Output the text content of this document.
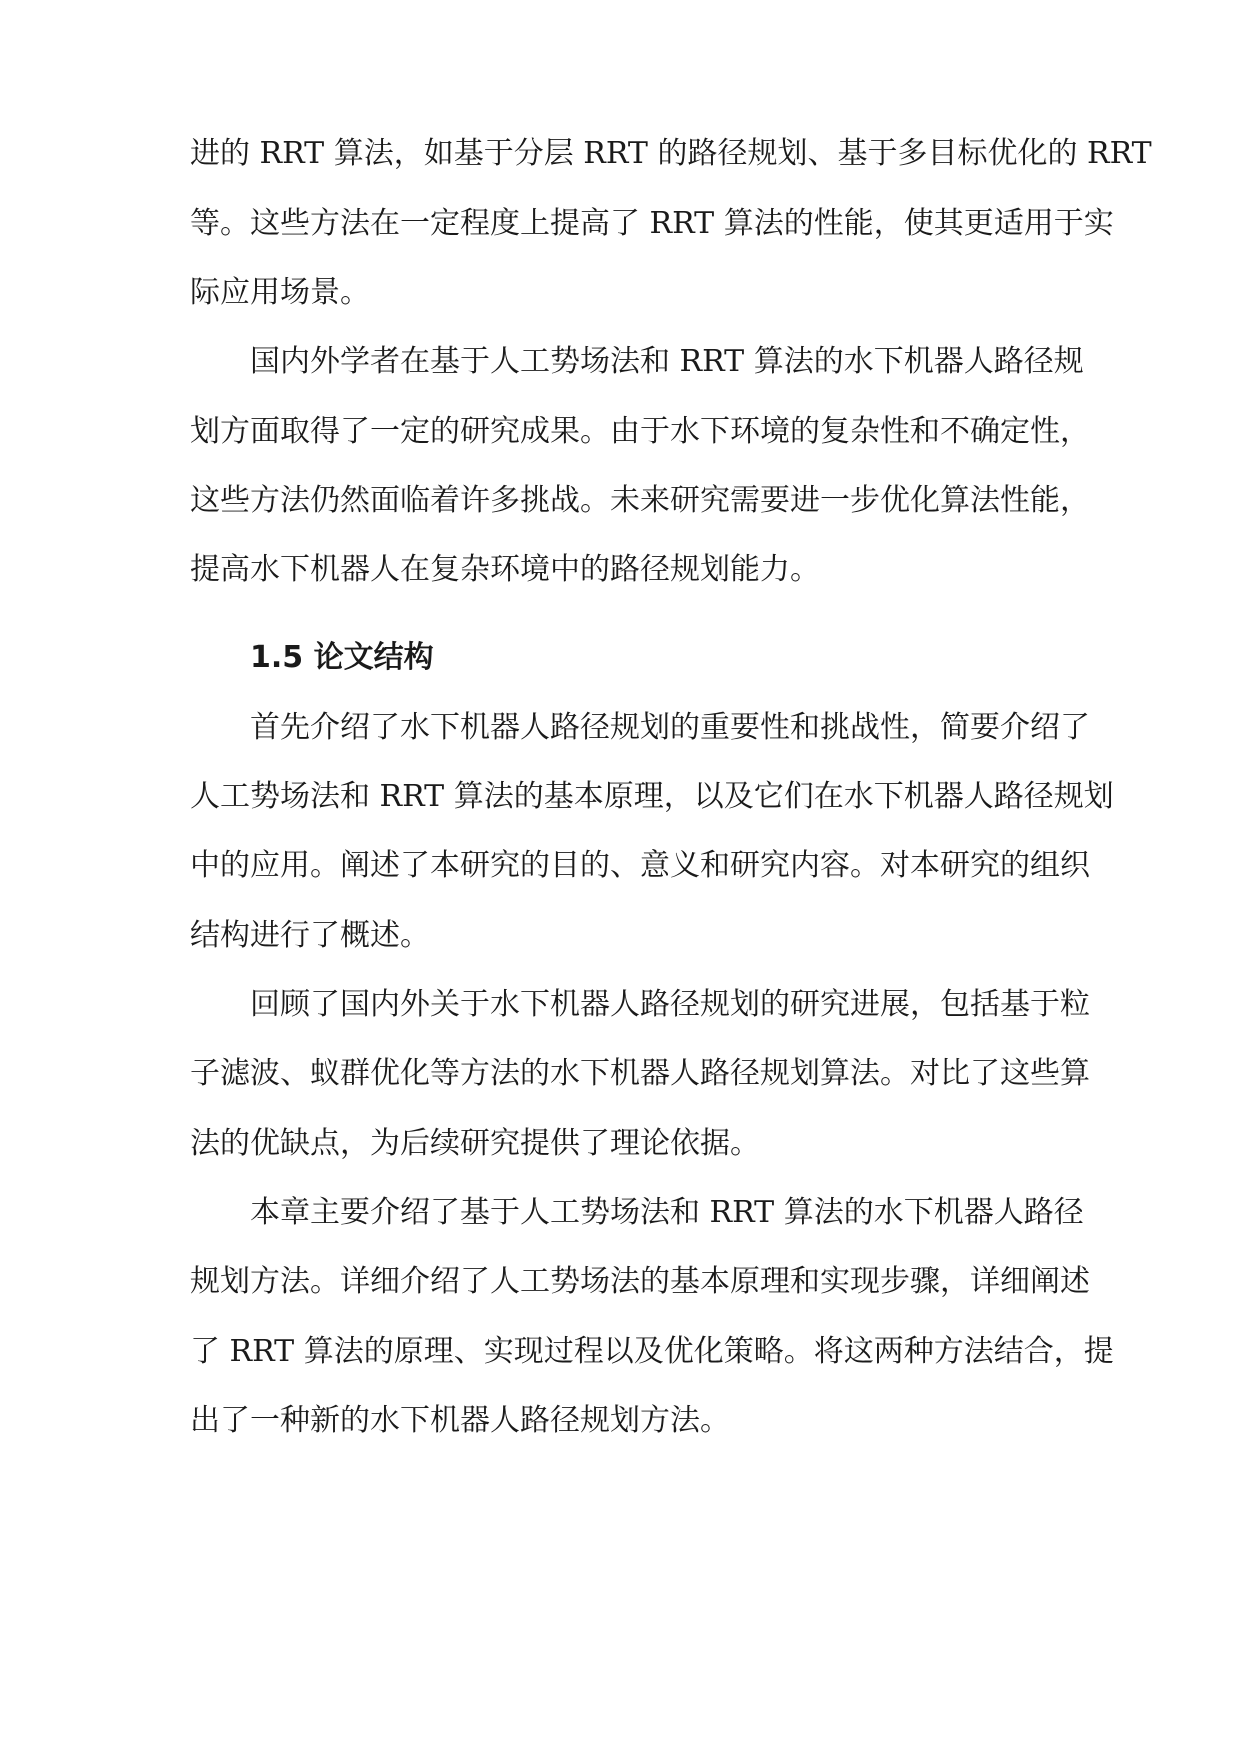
进的 RRT 算法，如基于分层 RRT 的路径规划、基于多目标优化的 RRT
等。这些方法在一定程度上提高了 RRT 算法的性能，使其更适用于实
际应用场景。
国内外学者在基于人工势场法和 RRT 算法的水下机器人路径规
划方面取得了一定的研究成果。由于水下环境的复杂性和不确定性，
这些方法仍然面临着许多挑战。未来研究需要进一步优化算法性能，
提高水下机器人在复杂环境中的路径规划能力。
1.5 论文结构
首先介绍了水下机器人路径规划的重要性和挑战性，简要介绍了
人工势场法和 RRT 算法的基本原理，以及它们在水下机器人路径规划
中的应用。阐述了本研究的目的、意义和研究内容。对本研究的组织
结构进行了概述。
回顾了国内外关于水下机器人路径规划的研究进展，包括基于粒
子滤波、蚁群优化等方法的水下机器人路径规划算法。对比了这些算
法的优缺点，为后续研究提供了理论依据。
本章主要介绍了基于人工势场法和 RRT 算法的水下机器人路径
规划方法。详细介绍了人工势场法的基本原理和实现步骤，详细阐述
了 RRT 算法的原理、实现过程以及优化策略。将这两种方法结合，提
出了一种新的水下机器人路径规划方法。
